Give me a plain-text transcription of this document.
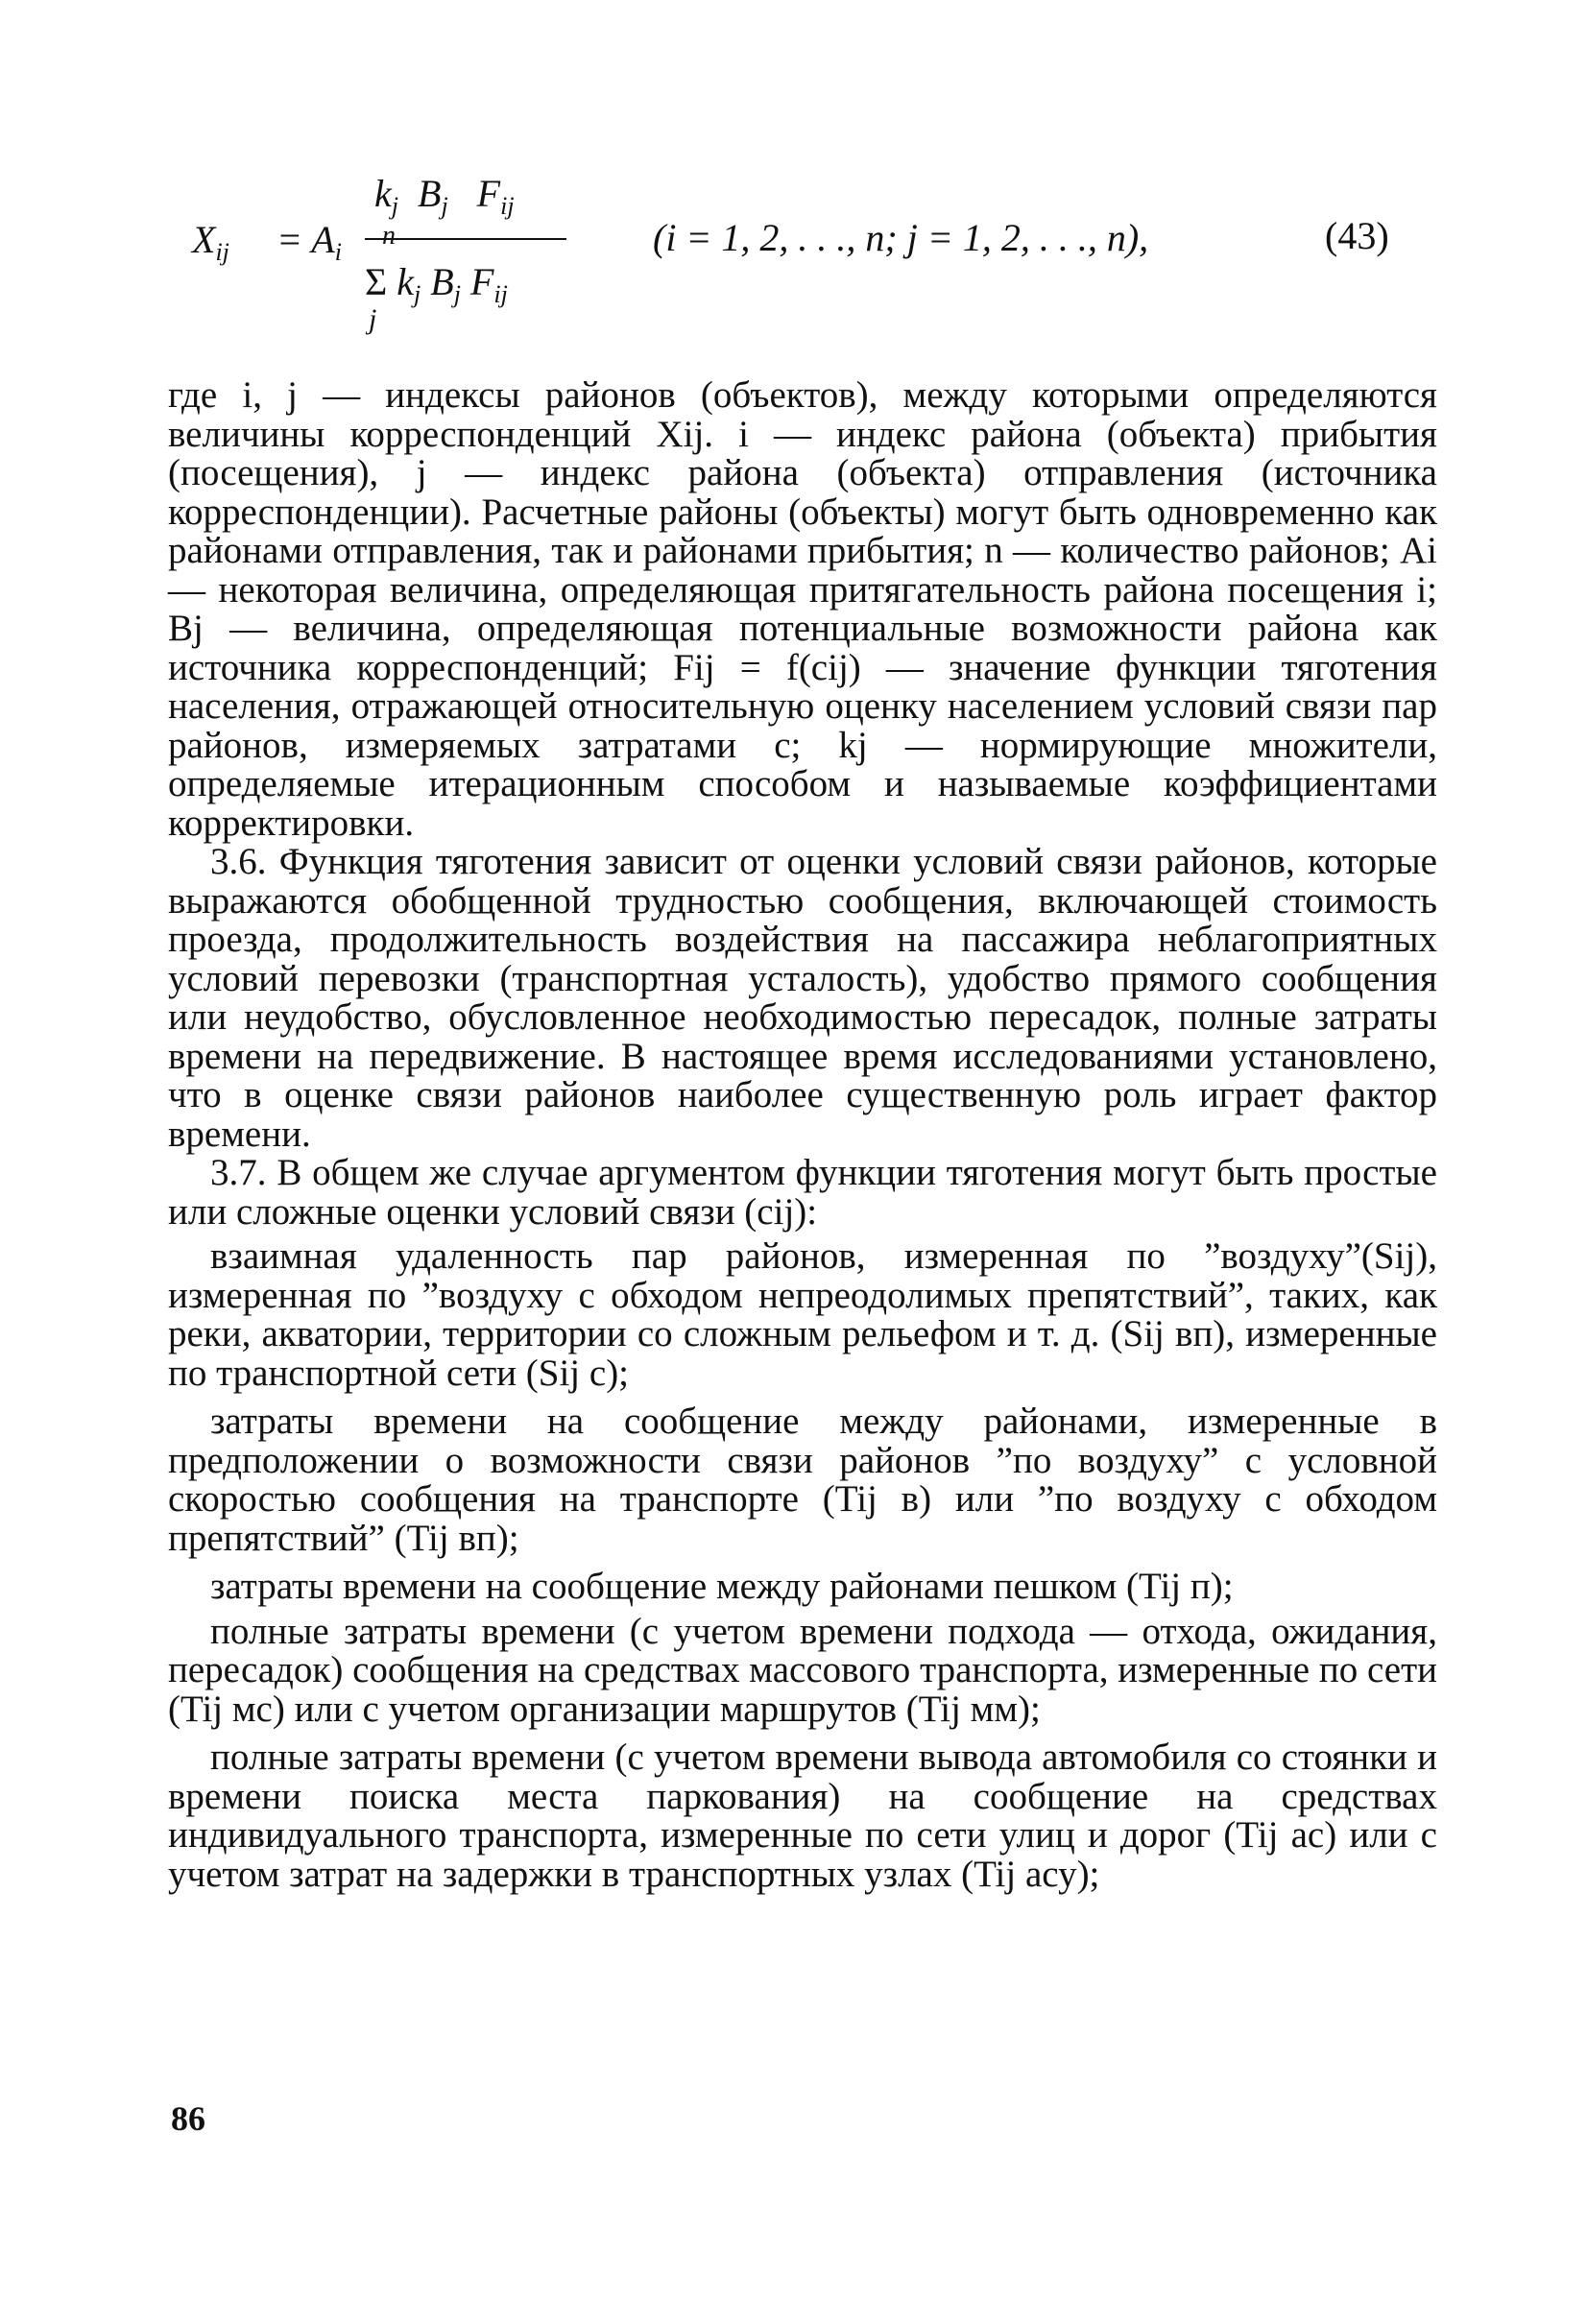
$X_{ij} = A_i$
$k_j$ $B_j$ $F_{ij}$
n
Σ $k_j$ $B_j$ $F_{ij}$
j
(i = 1, 2, . . ., n; j = 1, 2, . . ., n),	(43)

где i, j — индексы районов (объектов), между которыми определяются величины корреспонденций Xij. i — индекс района (объекта) прибытия (посещения), j — индекс района (объекта) отправления (источника корреспонденции). Расчетные районы (объекты) могут быть одновременно как районами отправления, так и районами прибытия; n — количество районов; Ai — некоторая величина, определяющая притягательность района посещения i; Bj — величина, определяющая потенциальные возможности района как источника корреспонденций; Fij = f(cij) — значение функции тяготения населения, отражающей относительную оценку населением условий связи пар районов, измеряемых затратами c; kj — нормирующие множители, определяемые итерационным способом и называемые коэффициентами корректировки.

3.6. Функция тяготения зависит от оценки условий связи районов, которые выражаются обобщенной трудностью сообщения, включающей стоимость проезда, продолжительность воздействия на пассажира неблагоприятных условий перевозки (транспортная усталость), удобство прямого сообщения или неудобство, обусловленное необходимостью пересадок, полные затраты времени на передвижение. В настоящее время исследованиями установлено, что в оценке связи районов наиболее существенную роль играет фактор времени.

3.7. В общем же случае аргументом функции тяготения могут быть простые или сложные оценки условий связи (cij):

взаимная удаленность пар районов, измеренная по ”воздуху”(Sij), измеренная по ”воздуху с обходом непреодолимых препятствий”, таких, как реки, акватории, территории со сложным рельефом и т. д. (Sij вп), измеренные по транспортной сети (Sij с);

затраты времени на сообщение между районами, измеренные в предположении о возможности связи районов ”по воздуху” с условной скоростью сообщения на транспорте (Tij в) или ”по воздуху с обходом препятствий” (Tij вп);

затраты времени на сообщение между районами пешком (Tij п);

полные затраты времени (с учетом времени подхода — отхода, ожидания, пересадок) сообщения на средствах массового транспорта, измеренные по сети (Tij мс) или с учетом организации маршрутов (Tij мм);

полные затраты времени (с учетом времени вывода автомобиля со стоянки и времени поиска места паркования) на сообщение на средствах индивидуального транспорта, измеренные по сети улиц и дорог (Tij ас) или с учетом затрат на задержки в транспортных узлах (Tij асу);

86
